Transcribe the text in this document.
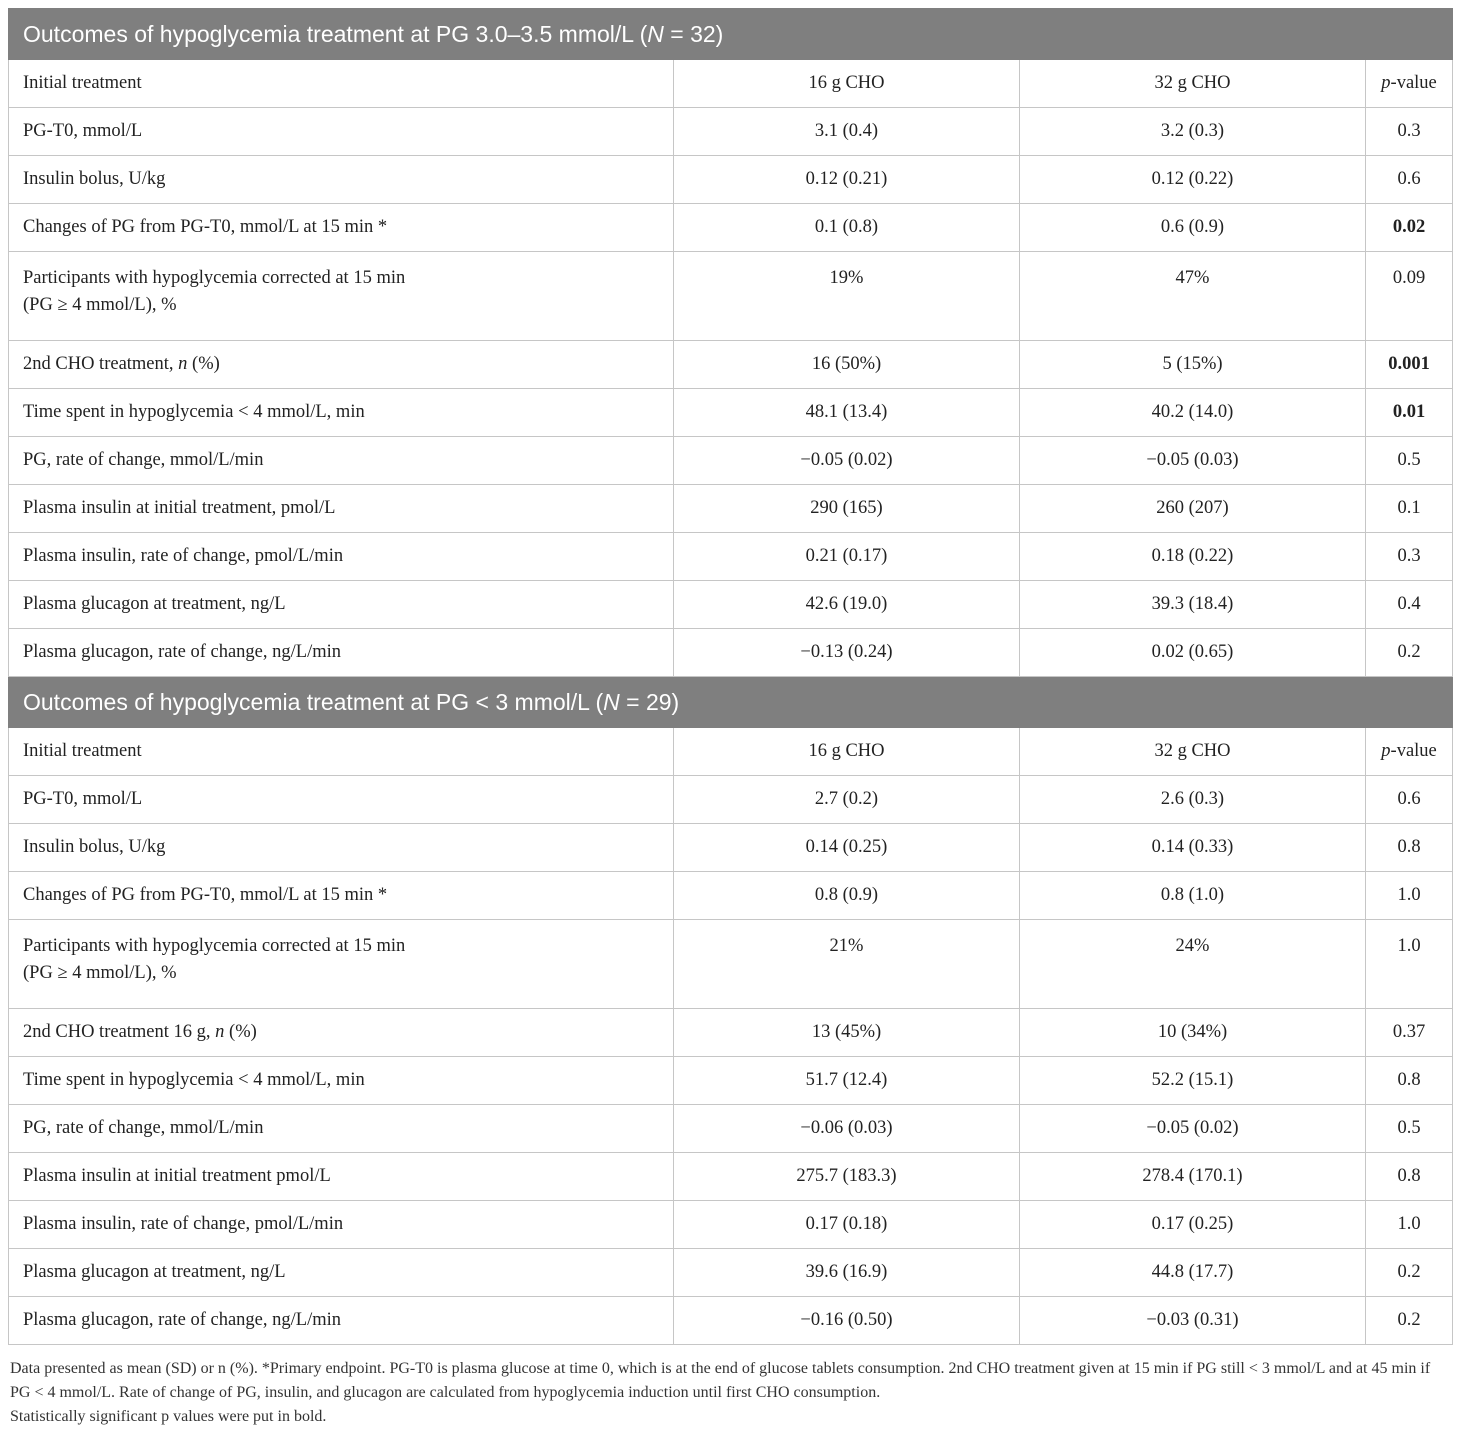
Outcomes of hypoglycemia treatment at PG 3.0–3.5 mmol/L (N = 32)			
Initial treatment	16 g CHO	32 g CHO	p-value
PG-T0, mmol/L	3.1 (0.4)	3.2 (0.3)	0.3
Insulin bolus, U/kg	0.12 (0.21)	0.12 (0.22)	0.6
Changes of PG from PG-T0, mmol/L at 15 min *	0.1 (0.8)	0.6 (0.9)	0.02
Participants with hypoglycemia corrected at 15 min
(PG ≥ 4 mmol/L), %	19%	47%	0.09
2nd CHO treatment, n (%)	16 (50%)	5 (15%)	0.001
Time spent in hypoglycemia < 4 mmol/L, min	48.1 (13.4)	40.2 (14.0)	0.01
PG, rate of change, mmol/L/min	−0.05 (0.02)	−0.05 (0.03)	0.5
Plasma insulin at initial treatment, pmol/L	290 (165)	260 (207)	0.1
Plasma insulin, rate of change, pmol/L/min	0.21 (0.17)	0.18 (0.22)	0.3
Plasma glucagon at treatment, ng/L	42.6 (19.0)	39.3 (18.4)	0.4
Plasma glucagon, rate of change, ng/L/min	−0.13 (0.24)	0.02 (0.65)	0.2
Outcomes of hypoglycemia treatment at PG < 3 mmol/L (N = 29)			
Initial treatment	16 g CHO	32 g CHO	p-value
PG-T0, mmol/L	2.7 (0.2)	2.6 (0.3)	0.6
Insulin bolus, U/kg	0.14 (0.25)	0.14 (0.33)	0.8
Changes of PG from PG-T0, mmol/L at 15 min *	0.8 (0.9)	0.8 (1.0)	1.0
Participants with hypoglycemia corrected at 15 min
(PG ≥ 4 mmol/L), %	21%	24%	1.0
2nd CHO treatment 16 g, n (%)	13 (45%)	10 (34%)	0.37
Time spent in hypoglycemia < 4 mmol/L, min	51.7 (12.4)	52.2 (15.1)	0.8
PG, rate of change, mmol/L/min	−0.06 (0.03)	−0.05 (0.02)	0.5
Plasma insulin at initial treatment pmol/L	275.7 (183.3)	278.4 (170.1)	0.8
Plasma insulin, rate of change, pmol/L/min	0.17 (0.18)	0.17 (0.25)	1.0
Plasma glucagon at treatment, ng/L	39.6 (16.9)	44.8 (17.7)	0.2
Plasma glucagon, rate of change, ng/L/min	−0.16 (0.50)	−0.03 (0.31)	0.2
Data presented as mean (SD) or n (%). *Primary endpoint. PG-T0 is plasma glucose at time 0, which is at the end of glucose tablets consumption. 2nd CHO treatment given at 15 min if PG still < 3 mmol/L and at 45 min if PG < 4 mmol/L. Rate of change of PG, insulin, and glucagon are calculated from hypoglycemia induction until first CHO consumption.
Statistically significant p values were put in bold.
